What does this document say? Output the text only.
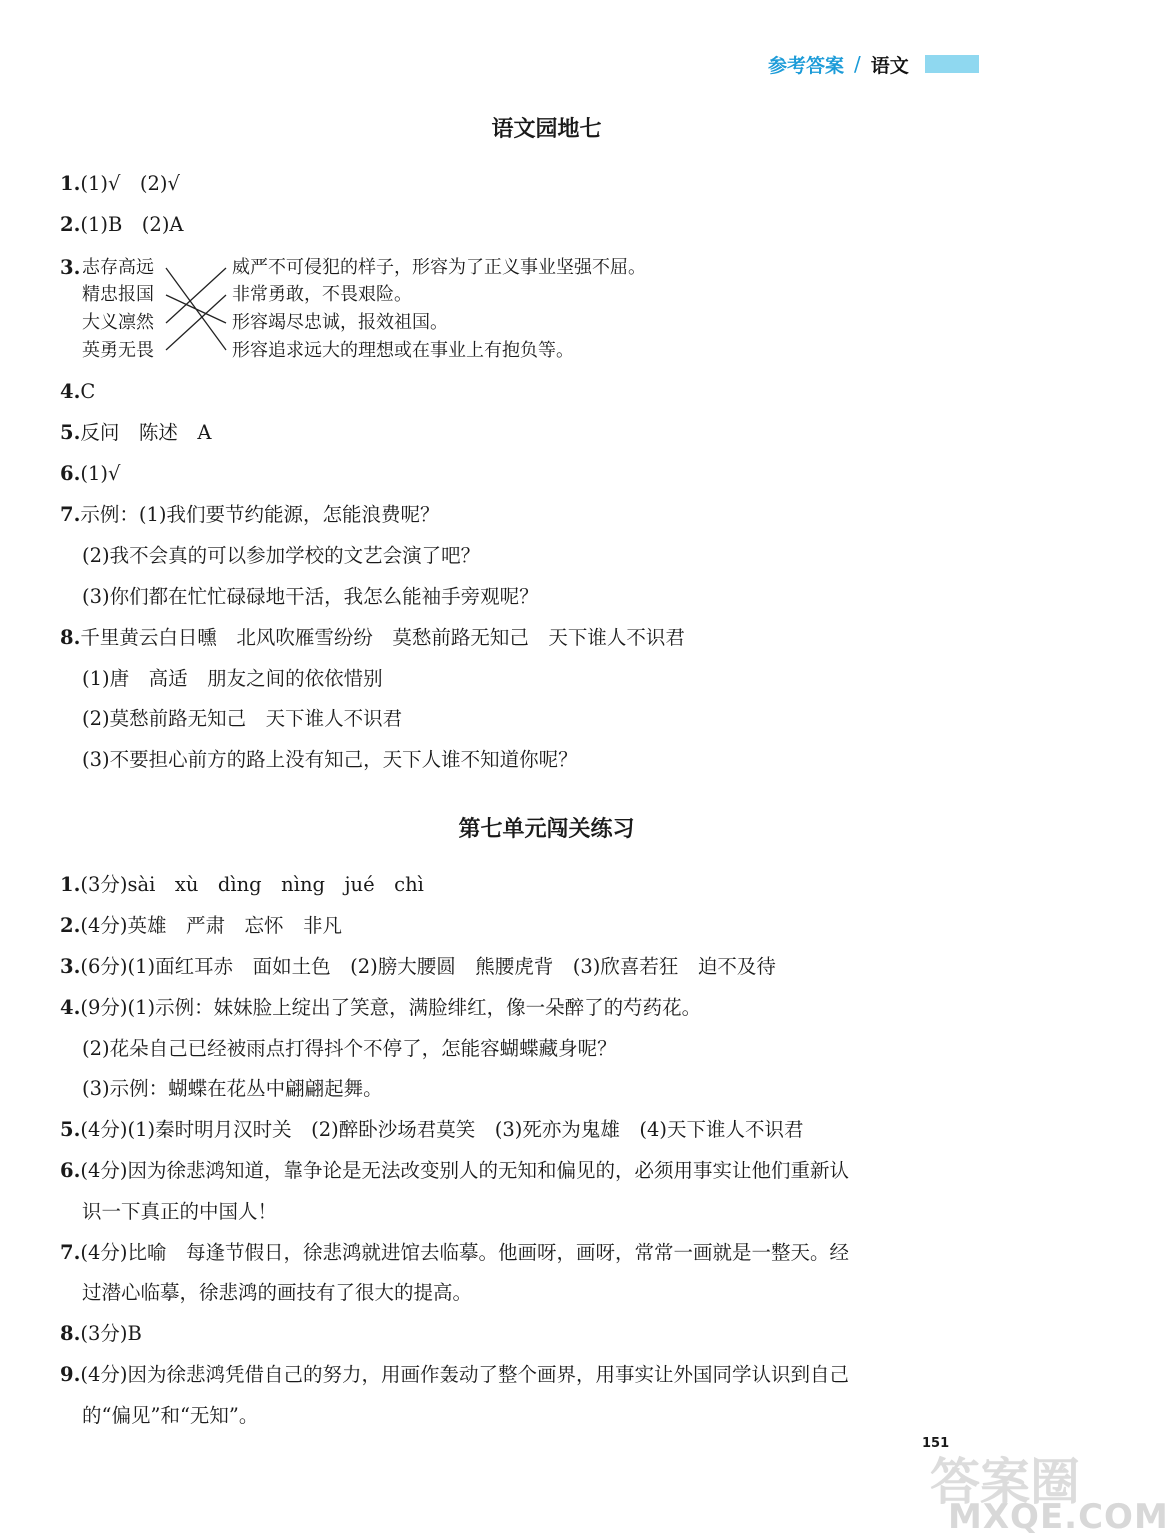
参考答案 / 语文
语文园地七
1.(1)√　(2)√
2.(1)B　(2)A
3. 志存高远
精忠报国
大义凛然
英勇无畏
威严不可侵犯的样子，形容为了正义事业坚强不屈。
非常勇敢，不畏艰险。
形容竭尽忠诚，报效祖国。
形容追求远大的理想或在事业上有抱负等。
4.C
5.反问　陈述　A
6.(1)√
7.示例：(1)我们要节约能源，怎能浪费呢？
(2)我不会真的可以参加学校的文艺会演了吧？
(3)你们都在忙忙碌碌地干活，我怎么能袖手旁观呢？
8.千里黄云白日曛　北风吹雁雪纷纷　莫愁前路无知己　天下谁人不识君
(1)唐　高适　朋友之间的依依惜别
(2)莫愁前路无知己　天下谁人不识君
(3)不要担心前方的路上没有知己，天下人谁不知道你呢？
第七单元闯关练习
1.(3分)sài　xù　dìng　nìng　jué　chì
2.(4分)英雄　严肃　忘怀　非凡
3.(6分)(1)面红耳赤　面如土色　(2)膀大腰圆　熊腰虎背　(3)欣喜若狂　迫不及待
4.(9分)(1)示例：妹妹脸上绽出了笑意，满脸绯红，像一朵醉了的芍药花。
(2)花朵自己已经被雨点打得抖个不停了，怎能容蝴蝶藏身呢？
(3)示例：蝴蝶在花丛中翩翩起舞。
5.(4分)(1)秦时明月汉时关　(2)醉卧沙场君莫笑　(3)死亦为鬼雄　(4)天下谁人不识君
6.(4分)因为徐悲鸿知道，靠争论是无法改变别人的无知和偏见的，必须用事实让他们重新认
识一下真正的中国人！
7.(4分)比喻　每逢节假日，徐悲鸿就进馆去临摹。他画呀，画呀，常常一画就是一整天。经
过潜心临摹，徐悲鸿的画技有了很大的提高。
8.(3分)B
9.(4分)因为徐悲鸿凭借自己的努力，用画作轰动了整个画界，用事实让外国同学认识到自己
的“偏见”和“无知”。
151
答案圈
MXQE.COM
